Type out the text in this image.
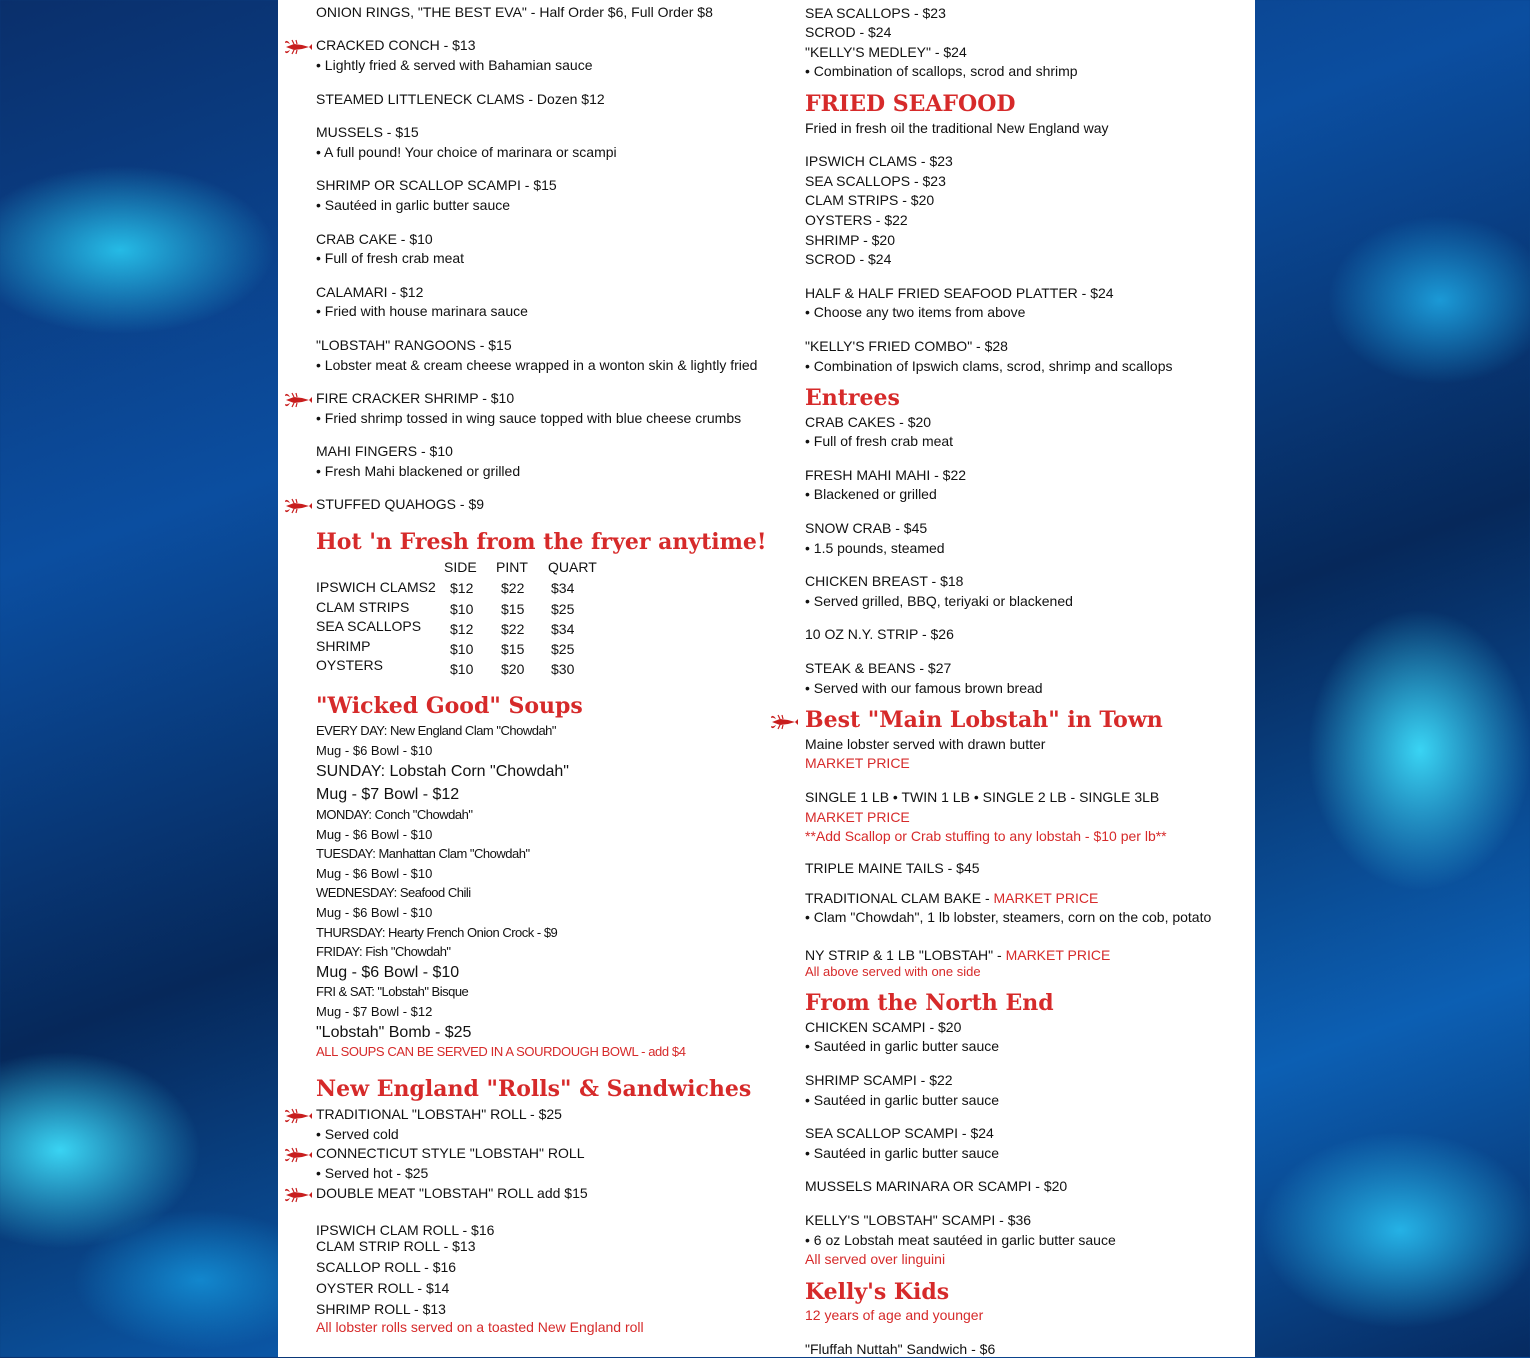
ONION RINGS, "THE BEST EVA" - Half Order $6, Full Order $8
CRACKED CONCH - $13
• Lightly fried & served with Bahamian sauce
STEAMED LITTLENECK CLAMS - Dozen $12
MUSSELS - $15
• A full pound! Your choice of marinara or scampi
SHRIMP OR SCALLOP SCAMPI - $15
• Sautéed in garlic butter sauce
CRAB CAKE - $10
• Full of fresh crab meat
CALAMARI - $12
• Fried with house marinara sauce
"LOBSTAH" RANGOONS - $15
• Lobster meat & cream cheese wrapped in a wonton skin & lightly fried
FIRE CRACKER SHRIMP - $10
• Fried shrimp tossed in wing sauce topped with blue cheese crumbs
MAHI FINGERS - $10
• Fresh Mahi blackened or grilled
STUFFED QUAHOGS - $9
Hot 'n Fresh from the fryer anytime!
SIDE PINT QUART
IPSWICH CLAMS2 $12 $22 $34
CLAM STRIPS	$10 $15 $25
SEA SCALLOPS $12 $22 $34
SHRIMP	$10 $15 $25
OYSTERS	$10 $20 $30
"Wicked Good" Soups
EVERY DAY: New England Clam "Chowdah"
Mug - $6 Bowl - $10
SUNDAY: Lobstah Corn "Chowdah"
Mug - $7 Bowl - $12
MONDAY: Conch "Chowdah"
Mug - $6 Bowl - $10
TUESDAY: Manhattan Clam "Chowdah"
Mug - $6 Bowl - $10
WEDNESDAY: Seafood Chili
Mug - $6 Bowl - $10
THURSDAY: Hearty French Onion Crock - $9
FRIDAY: Fish "Chowdah"
Mug - $6 Bowl - $10
FRI & SAT: "Lobstah" Bisque
Mug - $7 Bowl - $12
"Lobstah" Bomb - $25
ALL SOUPS CAN BE SERVED IN A SOURDOUGH BOWL - add $4
New England "Rolls" & Sandwiches
TRADITIONAL "LOBSTAH" ROLL - $25
• Served cold
CONNECTICUT STYLE "LOBSTAH" ROLL
• Served hot - $25
DOUBLE MEAT "LOBSTAH" ROLL add $15
IPSWICH CLAM ROLL - $16
CLAM STRIP ROLL - $13
SCALLOP ROLL - $16
OYSTER ROLL - $14
SHRIMP ROLL - $13
All lobster rolls served on a toasted New England roll
SEA SCALLOPS - $23
SCROD - $24
"KELLY'S MEDLEY" - $24
• Combination of scallops, scrod and shrimp
FRIED SEAFOOD
Fried in fresh oil the traditional New England way
IPSWICH CLAMS - $23
SEA SCALLOPS - $23
CLAM STRIPS - $20
OYSTERS - $22
SHRIMP - $20
SCROD - $24
HALF & HALF FRIED SEAFOOD PLATTER - $24
• Choose any two items from above
"KELLY'S FRIED COMBO" - $28
• Combination of Ipswich clams, scrod, shrimp and scallops
Entrees
CRAB CAKES - $20
• Full of fresh crab meat
FRESH MAHI MAHI - $22
• Blackened or grilled
SNOW CRAB - $45
• 1.5 pounds, steamed
CHICKEN BREAST - $18
• Served grilled, BBQ, teriyaki or blackened
10 OZ N.Y. STRIP - $26
STEAK & BEANS - $27
• Served with our famous brown bread
Best "Main Lobstah" in Town
Maine lobster served with drawn butter
MARKET PRICE
SINGLE 1 LB • TWIN 1 LB • SINGLE 2 LB - SINGLE 3LB
MARKET PRICE
**Add Scallop or Crab stuffing to any lobstah - $10 per lb**
TRIPLE MAINE TAILS - $45
TRADITIONAL CLAM BAKE - MARKET PRICE
• Clam "Chowdah", 1 lb lobster, steamers, corn on the cob, potato
NY STRIP & 1 LB "LOBSTAH" - MARKET PRICE
All above served with one side
From the North End
CHICKEN SCAMPI - $20
• Sautéed in garlic butter sauce
SHRIMP SCAMPI - $22
• Sautéed in garlic butter sauce
SEA SCALLOP SCAMPI - $24
• Sautéed in garlic butter sauce
MUSSELS MARINARA OR SCAMPI - $20
KELLY'S "LOBSTAH" SCAMPI - $36
• 6 oz Lobstah meat sautéed in garlic butter sauce
All served over linguini
Kelly's Kids
12 years of age and younger
"Fluffah Nuttah" Sandwich - $6
